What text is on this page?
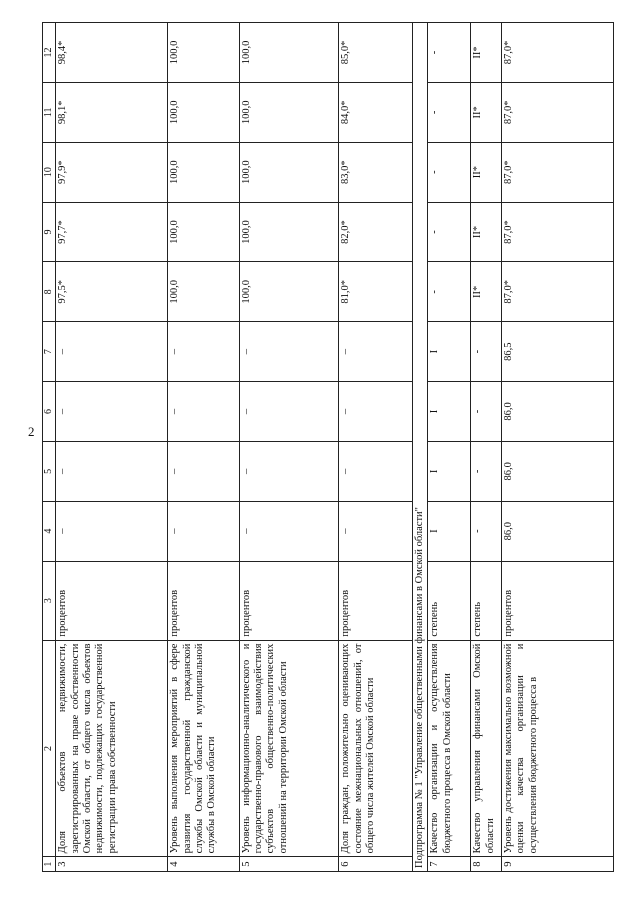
2
1	2	3	4	5	6	7	8	9	10	11	12
3	Доля объектов недвижимости, зарегистрированных на праве собственности Омской области, от общего числа объектов недвижимости, подлежащих государственной регистрации права собственности	процентов	–	–	–	–	97,5*	97,7*	97,9*	98,1*	98,4*
4	Уровень выполнения мероприятий в сфере развития государственной гражданской службы Омской области и муниципальной службы в Омской области	процентов	–	–	–	–	100,0	100,0	100,0	100,0	100,0
5	Уровень информационно-аналитического и государственно-правового взаимодействия субъектов общественно-политических отношений на территории Омской области	процентов	–	–	–	–	100,0	100,0	100,0	100,0	100,0
6	Доля граждан, положительно оценивающих состояние межнациональных отношений, от общего числа жителей Омской области	процентов	–	–	–	–	81,0*	82,0*	83,0*	84,0*	85,0*
Подпрограмма № 1 "Управление общественными финансами в Омской области"											
7	Качество организации и осуществления бюджетного процесса в Омской области	степень	I	I	I	I	-	-	-	-	-
8	Качество управления финансами Омской области	степень	-	-	-	-	II*	II*	II*	II*	II*
9	Уровень достижения максимально возможной оценки качества организации и осуществления бюджетного процесса в	процентов	86,0	86,0	86,0	86,5	87,0*	87,0*	87,0*	87,0*	87,0*
